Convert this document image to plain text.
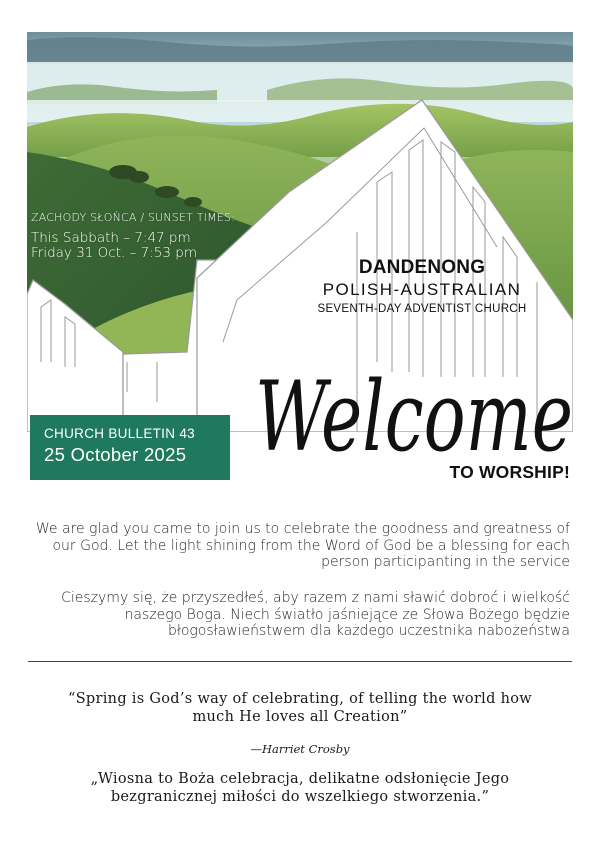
ZACHODY SŁOŃCA / SUNSET TIMES:
This Sabbath – 7:47 pm
Friday 31 Oct. – 7:53 pm
DANDENONG
POLISH-AUSTRALIAN
SEVENTH-DAY ADVENTIST CHURCH
CHURCH BULLETIN 43
25 October 2025 Welcome
TO WORSHIP!
We are glad you came to join us to celebrate the goodness and greatness of our God. Let the light shining from the Word of God be a blessing for each person participanting in the service
Cieszymy się, że przyszedłeś, aby razem z nami sławić dobroć i wielkość naszego Boga. Niech światło jaśniejące ze Słowa Bożego będzie błogosławieństwem dla każdego uczestnika nabożeństwa
“Spring is God’s way of celebrating, of telling the world how much He loves all Creation”
—Harriet Crosby
„Wiosna to Boża celebracja, delikatne odsłonięcie Jego bezgranicznej miłości do wszelkiego stworzenia.”
